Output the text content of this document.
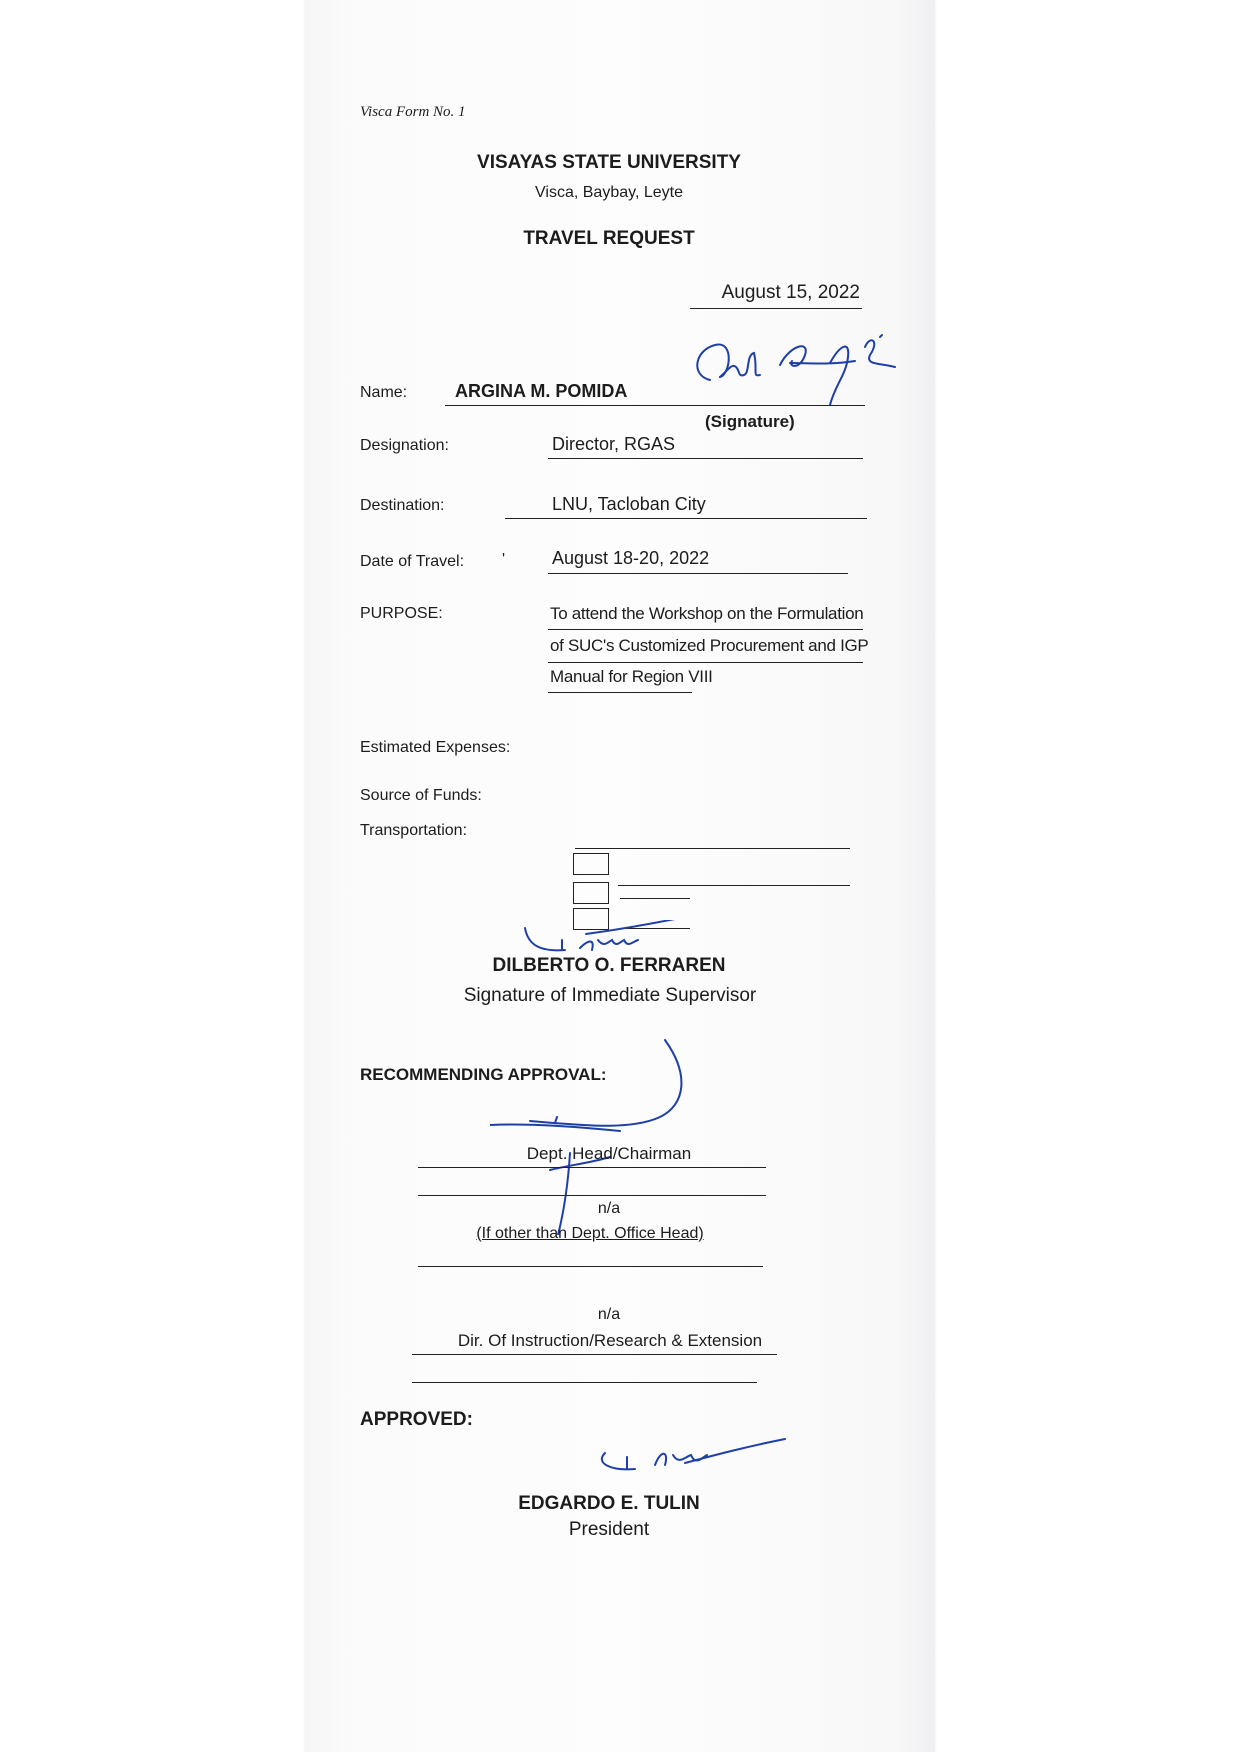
Visca Form No. 1
VISAYAS STATE UNIVERSITY
Visca, Baybay, Leyte
TRAVEL REQUEST
August 15, 2022
Name:	ARGINA M. POMIDA
(Signature)
Designation:	Director, RGAS
Destination:	LNU, Tacloban City
Date of Travel: '	August 18-20, 2022
PURPOSE:	To attend the Workshop on the Formulation
of SUC's Customized Procurement and IGP
Manual for Region VIII
Estimated Expenses:
Source of Funds:
Transportation:
DILBERTO O. FERRAREN
Signature of Immediate Supervisor
RECOMMENDING APPROVAL:
Dept. Head/Chairman
n/a
(If other than Dept. Office Head)
n/a
Dir. Of Instruction/Research & Extension
APPROVED:
EDGARDO E. TULIN
President
